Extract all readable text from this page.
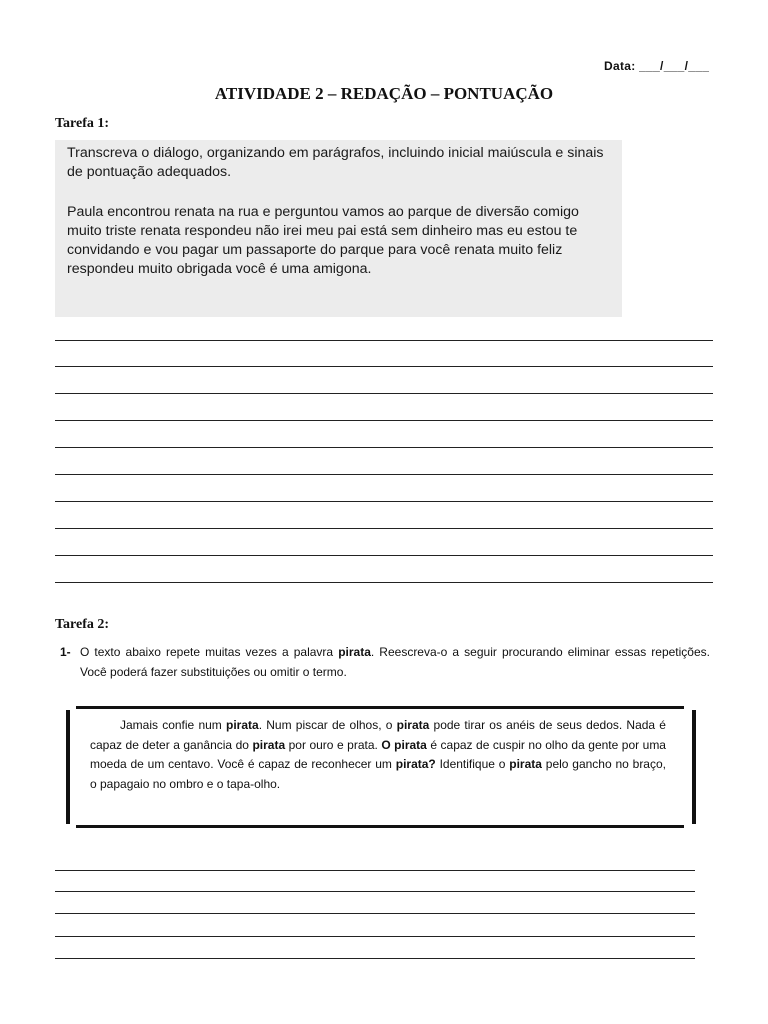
Data: ___/___/___
ATIVIDADE 2 – REDAÇÃO – PONTUAÇÃO
Tarefa 1:

Transcreva o diálogo, organizando em parágrafos, incluindo inicial maiúscula e sinais de pontuação adequados.

Paula encontrou renata na rua e perguntou vamos ao parque de diversão comigo muito triste renata respondeu não irei meu pai está sem dinheiro mas eu estou te convidando e vou pagar um passaporte do parque para você renata muito feliz respondeu muito obrigada você é uma amigona.

Tarefa 2:
1- O texto abaixo repete muitas vezes a palavra pirata. Reescreva-o a seguir procurando eliminar essas repetições. Você poderá fazer substituições ou omitir o termo.
Jamais confie num pirata. Num piscar de olhos, o pirata pode tirar os anéis de seus dedos. Nada é capaz de deter a ganância do pirata por ouro e prata. O pirata é capaz de cuspir no olho da gente por uma moeda de um centavo. Você é capaz de reconhecer um pirata? Identifique o pirata pelo gancho no braço, o papagaio no ombro e o tapa-olho.
